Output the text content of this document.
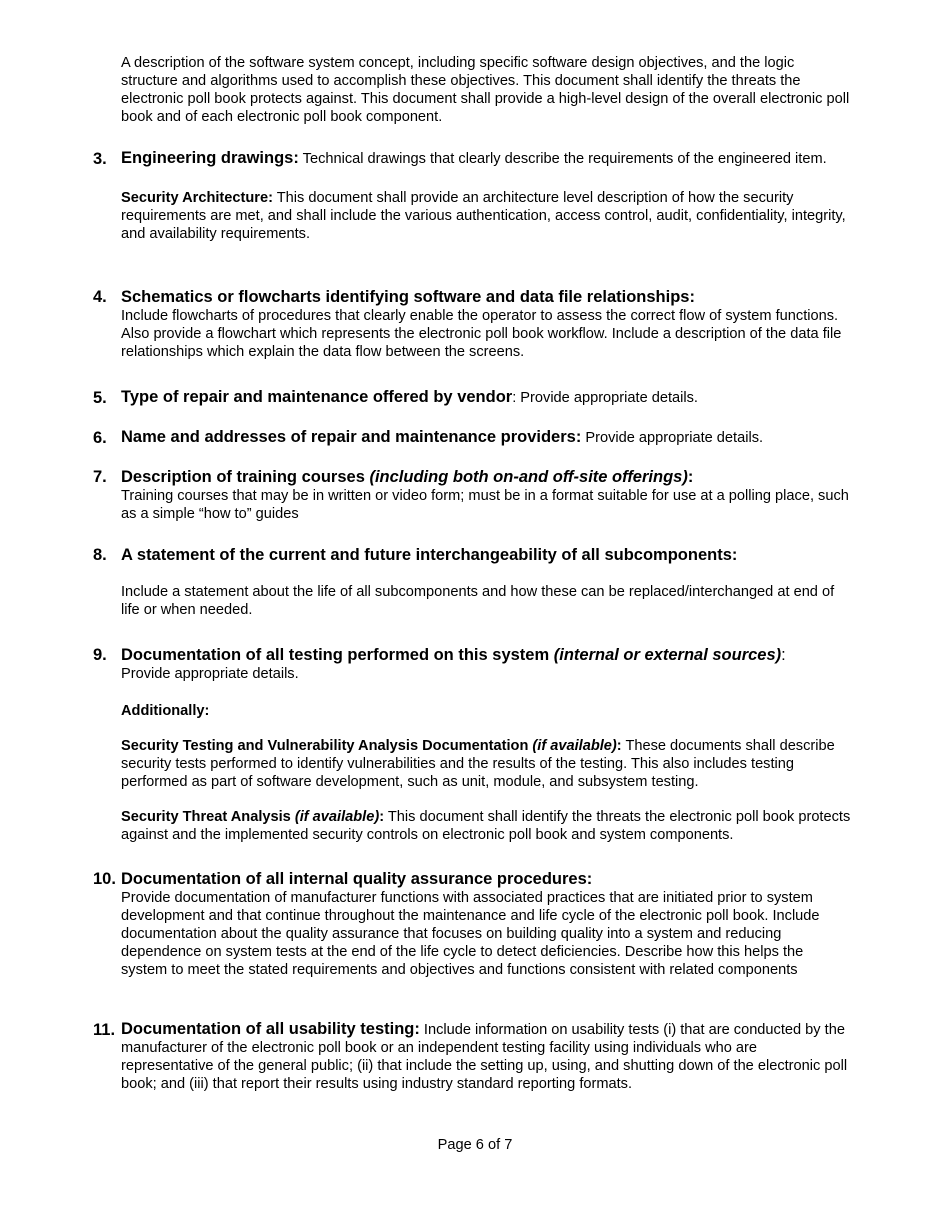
A description of the software system concept, including specific software design objectives, and the logic structure and algorithms used to accomplish these objectives. This document shall identify the threats the electronic poll book protects against. This document shall provide a high-level design of the overall electronic poll book and of each electronic poll book component.

3. Engineering drawings: Technical drawings that clearly describe the requirements of the engineered item.

Security Architecture: This document shall provide an architecture level description of how the security requirements are met, and shall include the various authentication, access control, audit, confidentiality, integrity, and availability requirements.

4. Schematics or flowcharts identifying software and data file relationships:

Include flowcharts of procedures that clearly enable the operator to assess the correct flow of system functions. Also provide a flowchart which represents the electronic poll book workflow. Include a description of the data file relationships which explain the data flow between the screens.

5. Type of repair and maintenance offered by vendor: Provide appropriate details.

6. Name and addresses of repair and maintenance providers: Provide appropriate details.

7. Description of training courses (including both on-and off-site offerings):

Training courses that may be in written or video form; must be in a format suitable for use at a polling place, such as a simple “how to” guides

8. A statement of the current and future interchangeability of all subcomponents:

Include a statement about the life of all subcomponents and how these can be replaced/interchanged at end of life or when needed.

9. Documentation of all testing performed on this system (internal or external sources):

Provide appropriate details.

Additionally:

Security Testing and Vulnerability Analysis Documentation (if available): These documents shall describe security tests performed to identify vulnerabilities and the results of the testing. This also includes testing performed as part of software development, such as unit, module, and subsystem testing.

Security Threat Analysis (if available): This document shall identify the threats the electronic poll book protects against and the implemented security controls on electronic poll book and system components.

10. Documentation of all internal quality assurance procedures:

Provide documentation of manufacturer functions with associated practices that are initiated prior to system development and that continue throughout the maintenance and life cycle of the electronic poll book. Include documentation about the quality assurance that focuses on building quality into a system and reducing dependence on system tests at the end of the life cycle to detect deficiencies. Describe how this helps the system to meet the stated requirements and objectives and functions consistent with related components

11. Documentation of all usability testing: Include information on usability tests (i) that are conducted by the manufacturer of the electronic poll book or an independent testing facility using individuals who are representative of the general public; (ii) that include the setting up, using, and shutting down of the electronic poll book; and (iii) that report their results using industry standard reporting formats.

Page 6 of 7
